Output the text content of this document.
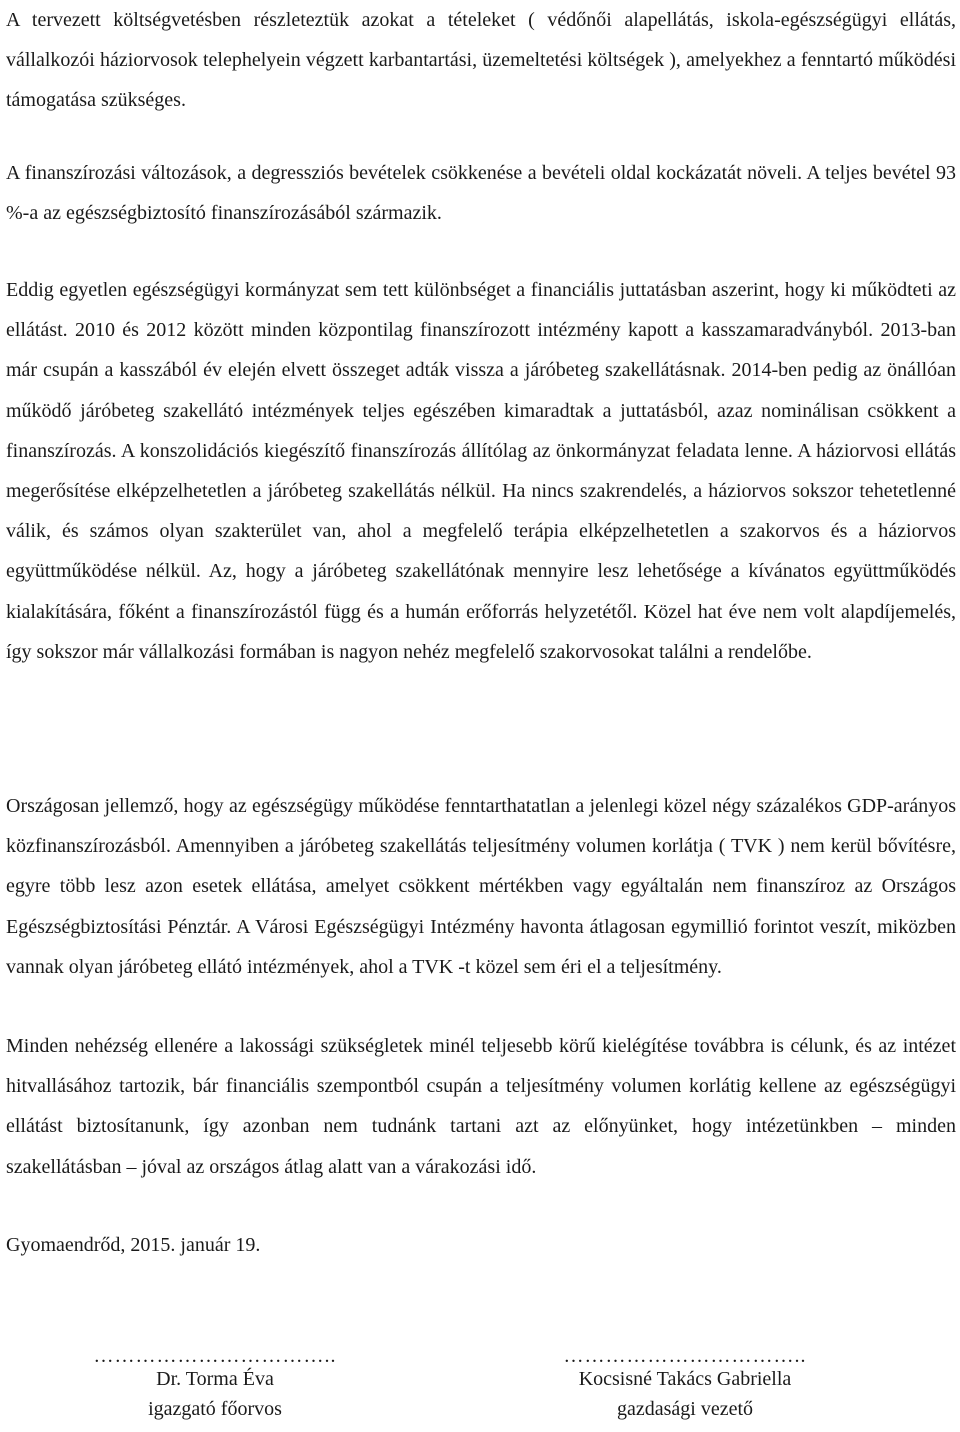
A tervezett költségvetésben részleteztük azokat a tételeket ( védőnői alapellátás, iskola-egészségügyi ellátás, vállalkozói háziorvosok telephelyein végzett karbantartási, üzemeltetési költségek ), amelyekhez a fenntartó működési támogatása szükséges.

A finanszírozási változások, a degressziós bevételek csökkenése a bevételi oldal kockázatát növeli. A teljes bevétel 93 %-a az egészségbiztosító finanszírozásából származik.

Eddig egyetlen egészségügyi kormányzat sem tett különbséget a financiális juttatásban aszerint, hogy ki működteti az ellátást. 2010 és 2012 között minden központilag finanszírozott intézmény kapott a kasszamaradványból. 2013-ban már csupán a kasszából év elején elvett összeget adták vissza a járóbeteg szakellátásnak. 2014-ben pedig az önállóan működő járóbeteg szakellátó intézmények teljes egészében kimaradtak a juttatásból, azaz nominálisan csökkent a finanszírozás. A konszolidációs kiegészítő finanszírozás állítólag az önkormányzat feladata lenne. A háziorvosi ellátás megerősítése elképzelhetetlen a járóbeteg szakellátás nélkül. Ha nincs szakrendelés, a háziorvos sokszor tehetetlenné válik, és számos olyan szakterület van, ahol a megfelelő terápia elképzelhetetlen a szakorvos és a háziorvos együttműködése nélkül. Az, hogy a járóbeteg szakellátónak mennyire lesz lehetősége a kívánatos együttműködés kialakítására, főként a finanszírozástól függ és a humán erőforrás helyzetétől. Közel hat éve nem volt alapdíjemelés, így sokszor már vállalkozási formában is nagyon nehéz megfelelő szakorvosokat találni a rendelőbe.

Országosan jellemző, hogy az egészségügy működése fenntarthatatlan a jelenlegi közel négy százalékos GDP-arányos közfinanszírozásból. Amennyiben a járóbeteg szakellátás teljesítmény volumen korlátja ( TVK ) nem kerül bővítésre, egyre több lesz azon esetek ellátása, amelyet csökkent mértékben vagy egyáltalán nem finanszíroz az Országos Egészségbiztosítási Pénztár. A Városi Egészségügyi Intézmény havonta átlagosan egymillió forintot veszít, miközben vannak olyan járóbeteg ellátó intézmények, ahol a TVK -t közel sem éri el a teljesítmény.

Minden nehézség ellenére a lakossági szükségletek minél teljesebb körű kielégítése továbbra is célunk, és az intézet hitvallásához tartozik, bár financiális szempontból csupán a teljesítmény volumen korlátig kellene az egészségügyi ellátást biztosítanunk, így azonban nem tudnánk tartani azt az előnyünket, hogy intézetünkben – minden szakellátásban – jóval az országos átlag alatt van a várakozási idő.

Gyomaendrőd, 2015. január 19.

……………………………..
Dr. Torma Éva
igazgató főorvos
……………………………..
Kocsisné Takács Gabriella
gazdasági vezető
